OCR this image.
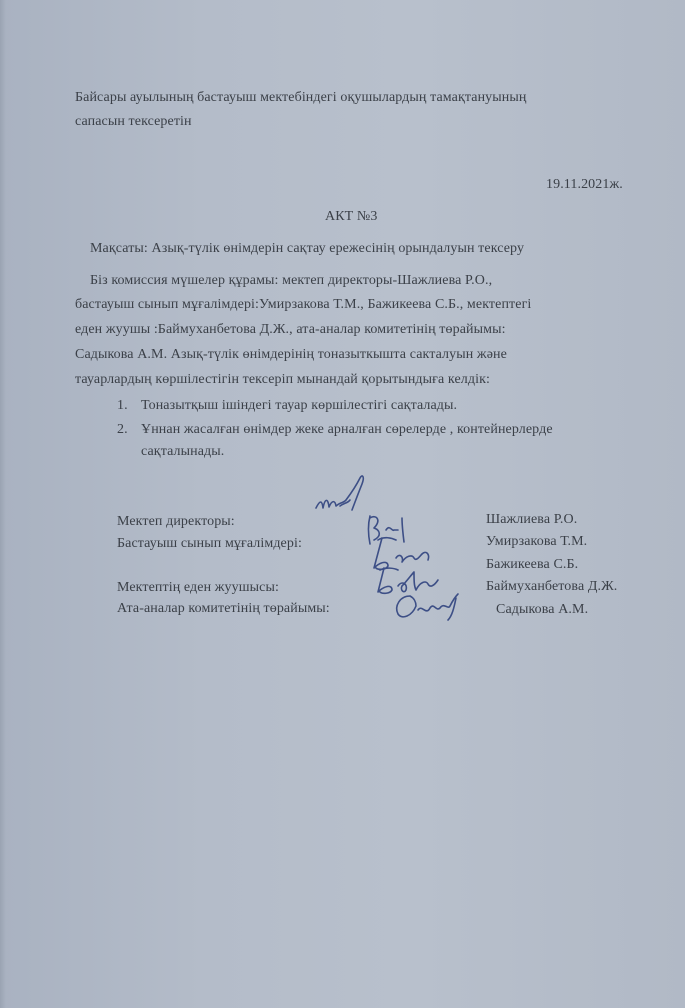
Байсары ауылының бастауыш мектебіндегі оқушылардың тамақтануының
сапасын тексеретін
19.11.2021ж.
АКТ №3
Мақсаты: Азық-түлік өнімдерін сақтау ережесінің орындалуын тексеру
Біз комиссия мүшелер құрамы: мектеп директоры-Шажлиева Р.О.,
бастауыш сынып мұғалімдері:Умирзакова Т.М., Бажикеева С.Б., мектептегі
еден жуушы :Баймуханбетова Д.Ж., ата-аналар комитетінің төрайымы:
Садыкова А.М. Азық-түлік өнімдерінің тоназыткышта сакталуын және
тауарлардың көршілестігін тексеріп мынандай қорытындыға келдік:
1. Тоназытқыш ішіндегі тауар көршілестігі сақталады.
2. Ұннан жасалған өнімдер жеке арналған сөрелерде , контейнерлерде
сақталынады.
Мектеп директоры:	Шажлиева Р.О.
Бастауыш сынып мұғалімдері:	Умирзакова Т.М.
Бажикеева С.Б.
Мектептің еден жуушысы:	Баймуханбетова Д.Ж.
Ата-аналар комитетінің төрайымы:	Садыкова А.М.
